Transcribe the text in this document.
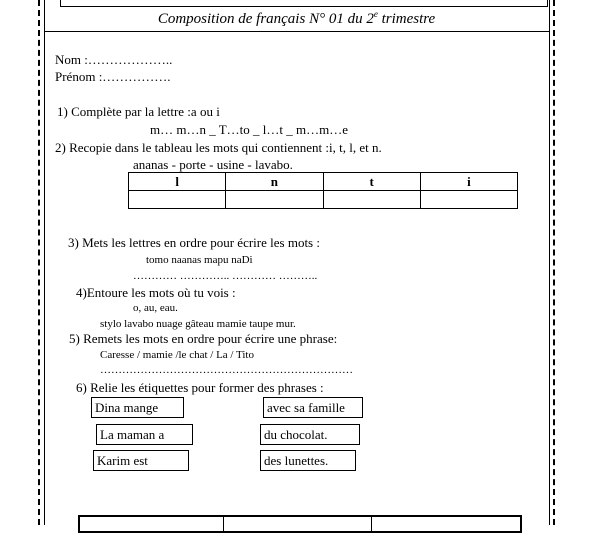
Composition de français N° 01 du 2e trimestre
Nom :………………..
Prénom :…………….
1) Complète par la lettre :a ou i
m… m…n _ T…to _ l…t _ m…m…e
2) Recopie dans le tableau les mots qui contiennent :i, t, l, et n.
ananas - porte - usine - lavabo.
l	n	t	i

3) Mets les lettres en ordre pour écrire les mots :
tomo naanas mapu naDi
………… ………….. ………… ………..
4)Entoure les mots où tu vois :
o, au, eau.
stylo lavabo nuage gâteau mamie taupe mur.
5) Remets les mots en ordre pour écrire une phrase:
Caresse / mamie /le chat / La / Tito
……………………………………………………………
6) Relie les étiquettes pour former des phrases :
Dina mange
La maman a
Karim est
avec sa famille
du chocolat.
des lunettes.
